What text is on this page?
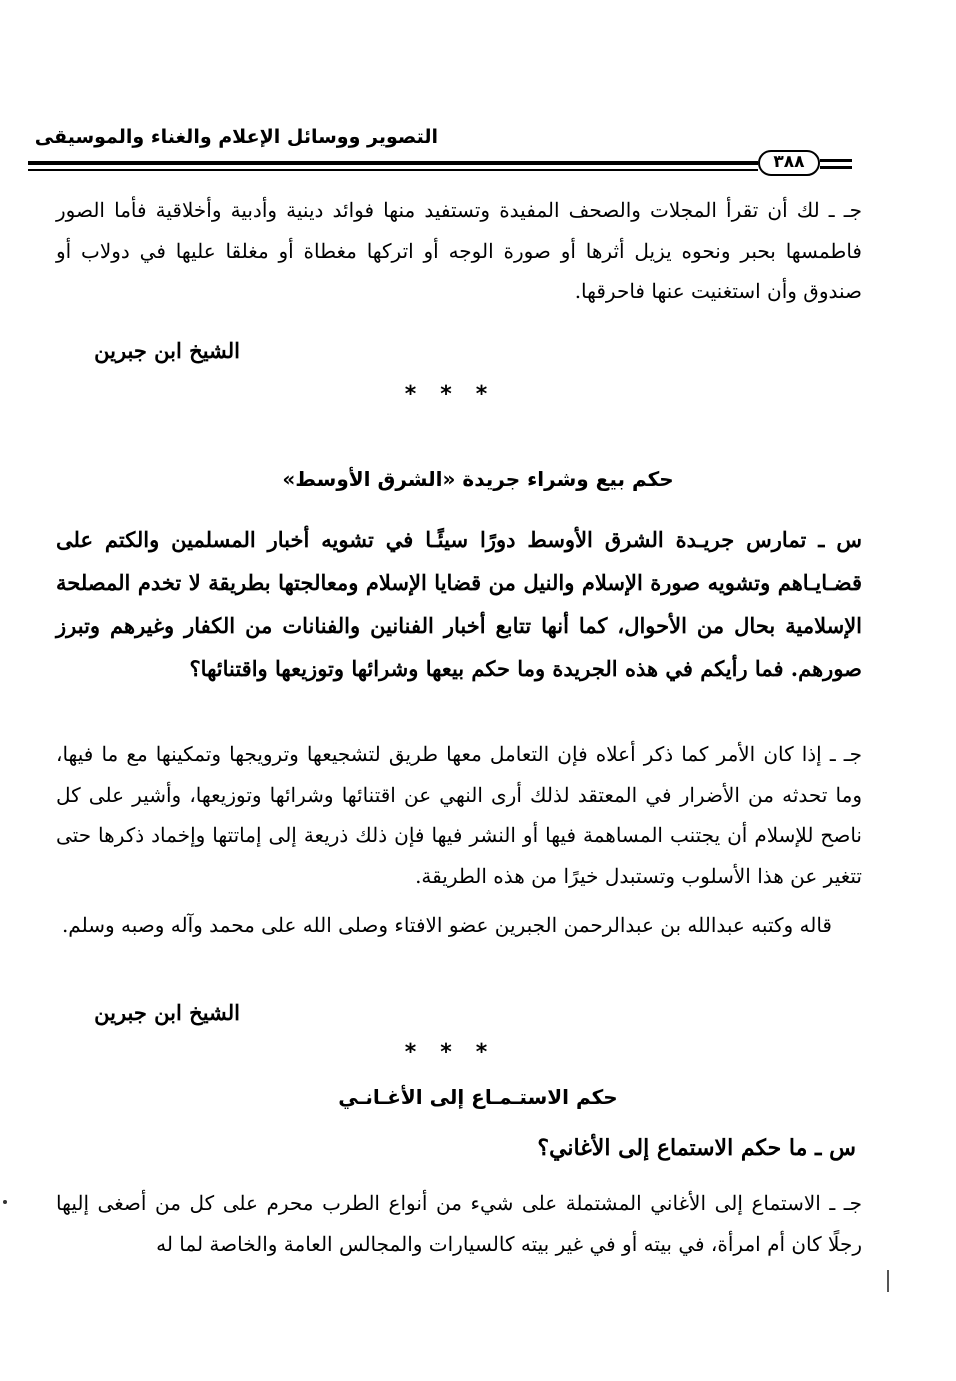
التصوير ووسائل الإعلام والغناء والموسيقى
٣٨٨

جـ ـ لك أن تقرأ المجلات والصحف المفيدة وتستفيد منها فوائد دينية وأدبية وأخلاقية فأما الصور فاطمسها بحبر ونحوه يزيل أثرها أو صورة الوجه أو اتركها مغطاة أو مغلقا عليها في دولاب أو صندوق وأن استغنيت عنها فاحرقها.

الشيخ ابن جبرين
***
حكم بيع وشراء جريدة «الشرق الأوسط»

س ـ تمارس جريـدة الشرق الأوسط دورًا سيئًـا في تشويه أخبار المسلمين والكتم على قضـايـاهم وتشويه صورة الإسلام والنيل من قضايا الإسلام ومعالجتها بطريقة لا تخدم المصلحة الإسلامية بحال من الأحوال، كما أنها تتابع أخبار الفنانين والفنانات من الكفار وغيرهم وتبرز صورهم. فما رأيكم في هذه الجريدة وما حكم بيعها وشرائها وتوزيعها واقتنائها؟

جـ ـ إذا كان الأمر كما ذكر أعلاه فإن التعامل معها طريق لتشجيعها وترويجها وتمكينها مع ما فيها، وما تحدثه من الأضرار في المعتقد لذلك أرى النهي عن اقتنائها وشرائها وتوزيعها، وأشير على كل ناصح للإسلام أن يجتنب المساهمة فيها أو النشر فيها فإن ذلك ذريعة إلى إماتتها وإخماد ذكرها حتى تتغير عن هذا الأسلوب وتستبدل خيرًا من هذه الطريقة.

قاله وكتبه عبدالله بن عبدالرحمن الجبرين عضو الافتاء وصلى الله على محمد وآله وصبه وسلم.

الشيخ ابن جبرين
***
حكم الاستـمـاع إلى الأغـانـي
س ـ ما حكم الاستماع إلى الأغاني؟

جـ ـ الاستماع إلى الأغاني المشتملة على شيء من أنواع الطرب محرم على كل من أصغى إليها رجلًا كان أم امرأة، في بيته أو في غير بيته كالسيارات والمجالس العامة والخاصة لما له
